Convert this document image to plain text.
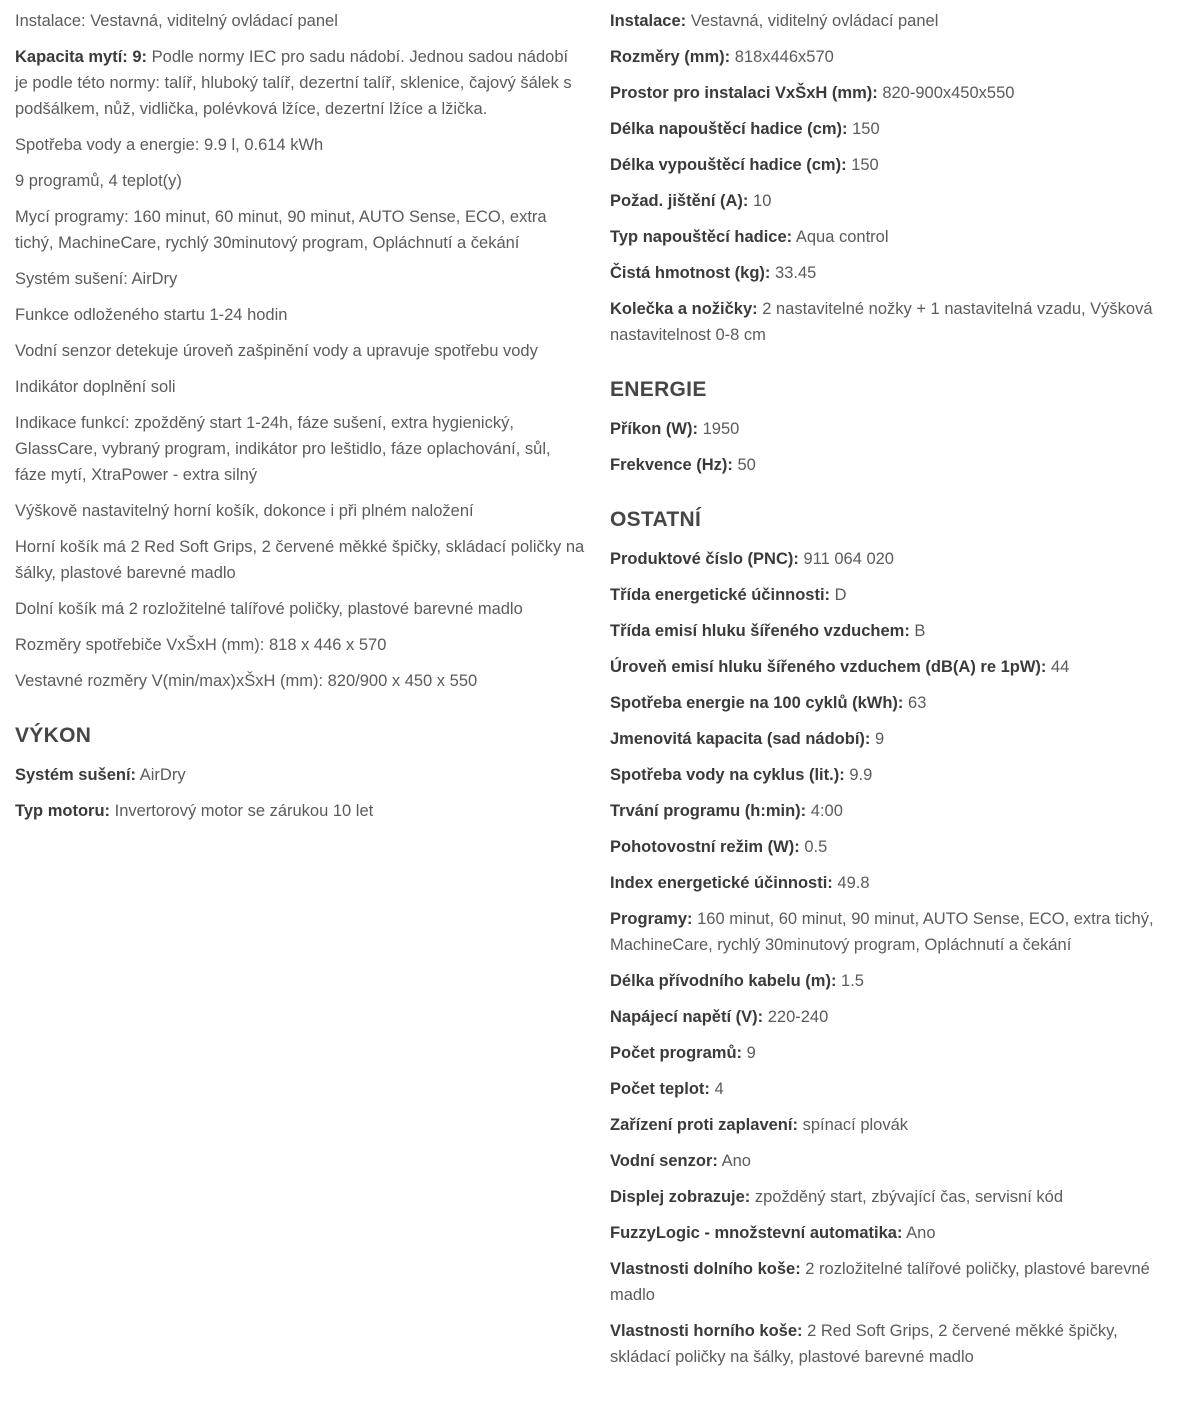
Instalace: Vestavná, viditelný ovládací panel
Kapacita mytí: 9: Podle normy IEC pro sadu nádobí. Jednou sadou nádobí je podle této normy: talíř, hluboký talíř, dezertní talíř, sklenice, čajový šálek s podšálkem, nůž, vidlička, polévková lžíce, dezertní lžíce a lžička.
Spotřeba vody a energie: 9.9 l, 0.614 kWh
9 programů, 4 teplot(y)
Mycí programy: 160 minut, 60 minut, 90 minut, AUTO Sense, ECO, extra tichý, MachineCare, rychlý 30minutový program, Opláchnutí a čekání
Systém sušení: AirDry
Funkce odloženého startu 1-24 hodin
Vodní senzor detekuje úroveň zašpinění vody a upravuje spotřebu vody
Indikátor doplnění soli
Indikace funkcí: zpožděný start 1-24h, fáze sušení, extra hygienický, GlassCare, vybraný program, indikátor pro leštidlo, fáze oplachování, sůl, fáze mytí, XtraPower - extra silný
Výškově nastavitelný horní košík, dokonce i při plném naložení
Horní košík má 2 Red Soft Grips, 2 červené měkké špičky, skládací poličky na šálky, plastové barevné madlo
Dolní košík má 2 rozložitelné talířové poličky, plastové barevné madlo
Rozměry spotřebiče VxŠxH (mm): 818 x 446 x 570
Vestavné rozměry V(min/max)xŠxH (mm): 820/900 x 450 x 550
VÝKON
Systém sušení: AirDry
Typ motoru: Invertorový motor se zárukou 10 let
Instalace: Vestavná, viditelný ovládací panel
Rozměry (mm): 818x446x570
Prostor pro instalaci VxŠxH (mm): 820-900x450x550
Délka napouštěcí hadice (cm): 150
Délka vypouštěcí hadice (cm): 150
Požad. jištění (A): 10
Typ napouštěcí hadice: Aqua control
Čistá hmotnost (kg): 33.45
Kolečka a nožičky: 2 nastavitelné nožky + 1 nastavitelná vzadu, Výšková nastavitelnost 0-8 cm
ENERGIE
Příkon (W): 1950
Frekvence (Hz): 50
OSTATNÍ
Produktové číslo (PNC): 911 064 020
Třída energetické účinnosti: D
Třída emisí hluku šířeného vzduchem: B
Úroveň emisí hluku šířeného vzduchem (dB(A) re 1pW): 44
Spotřeba energie na 100 cyklů (kWh): 63
Jmenovitá kapacita (sad nádobí): 9
Spotřeba vody na cyklus (lit.): 9.9
Trvání programu (h:min): 4:00
Pohotovostní režim (W): 0.5
Index energetické účinnosti: 49.8
Programy: 160 minut, 60 minut, 90 minut, AUTO Sense, ECO, extra tichý, MachineCare, rychlý 30minutový program, Opláchnutí a čekání
Délka přívodního kabelu (m): 1.5
Napájecí napětí (V): 220-240
Počet programů: 9
Počet teplot: 4
Zařízení proti zaplavení: spínací plovák
Vodní senzor: Ano
Displej zobrazuje: zpožděný start, zbývající čas, servisní kód
FuzzyLogic - množstevní automatika: Ano
Vlastnosti dolního koše: 2 rozložitelné talířové poličky, plastové barevné madlo
Vlastnosti horního koše: 2 Red Soft Grips, 2 červené měkké špičky, skládací poličky na šálky, plastové barevné madlo
